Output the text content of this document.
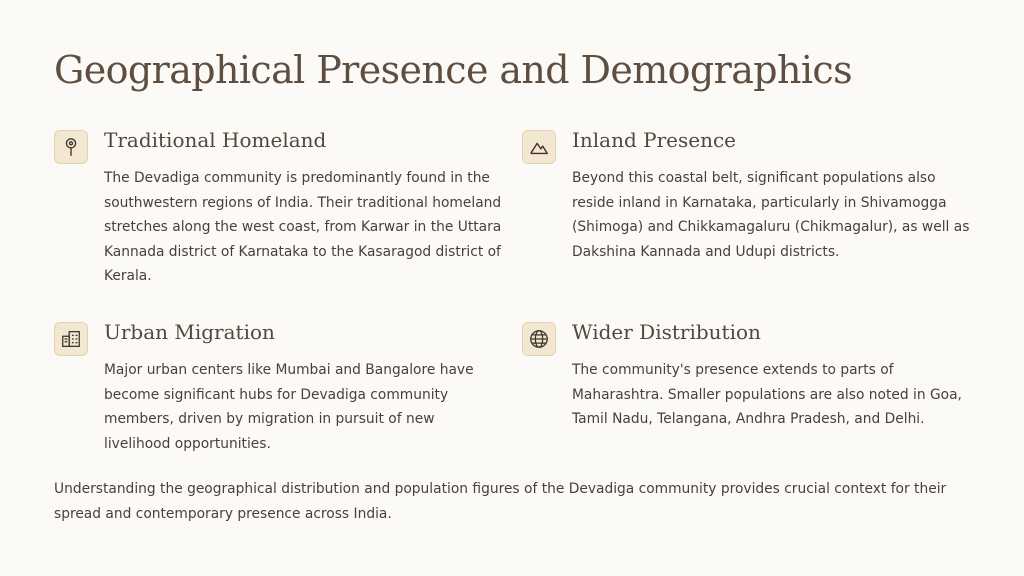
Geographical Presence and Demographics
Traditional Homeland

The Devadiga community is predominantly found in the southwestern regions of India. Their traditional homeland stretches along the west coast, from Karwar in the Uttara Kannada district of Karnataka to the Kasaragod district of Kerala.

Inland Presence

Beyond this coastal belt, significant populations also reside inland in Karnataka, particularly in Shivamogga (Shimoga) and Chikkamagaluru (Chikmagalur), as well as Dakshina Kannada and Udupi districts.

Urban Migration

Major urban centers like Mumbai and Bangalore have become significant hubs for Devadiga community members, driven by migration in pursuit of new livelihood opportunities.

Wider Distribution

The community's presence extends to parts of Maharashtra. Smaller populations are also noted in Goa, Tamil Nadu, Telangana, Andhra Pradesh, and Delhi.

Understanding the geographical distribution and population figures of the Devadiga community provides crucial context for their spread and contemporary presence across India.
